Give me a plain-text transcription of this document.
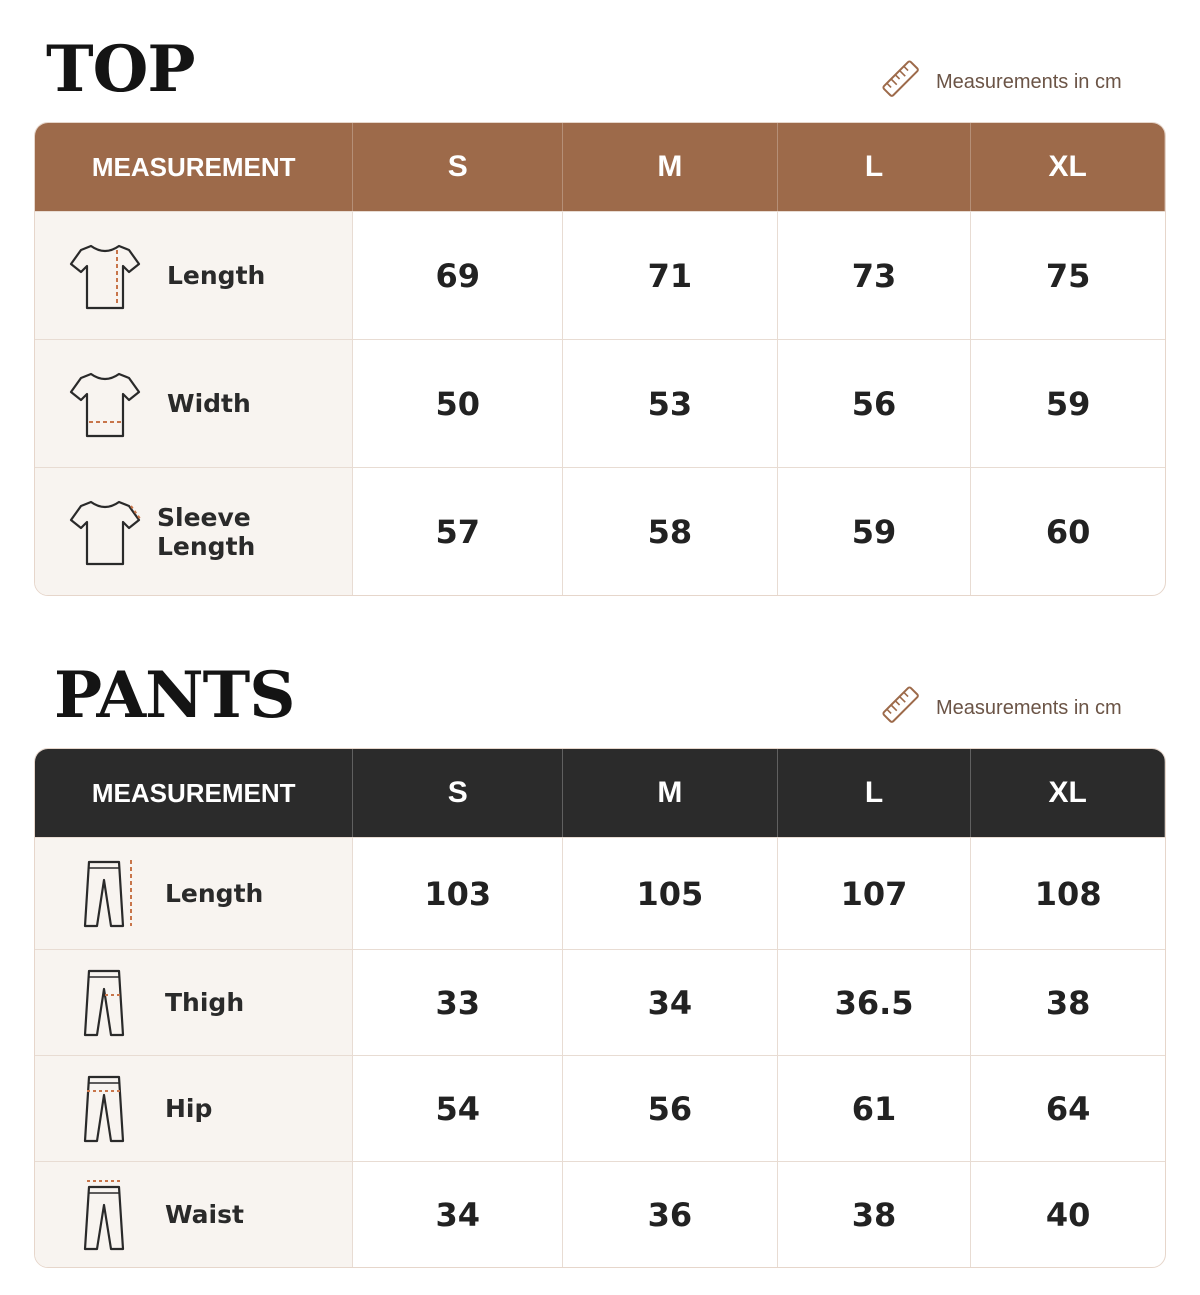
TOP	Measurements in cm
MEASUREMENT	S	M	L	XL
Length	69	71	73	75
Width	50	53	56	59
Sleeve Length	57	58	59	60
PANTS	Measurements in cm
MEASUREMENT	S	M	L	XL
Length	103	105	107	108
Thigh	33	34	36.5	38
Hip	54	56	61	64
Waist	34	36	38	40
